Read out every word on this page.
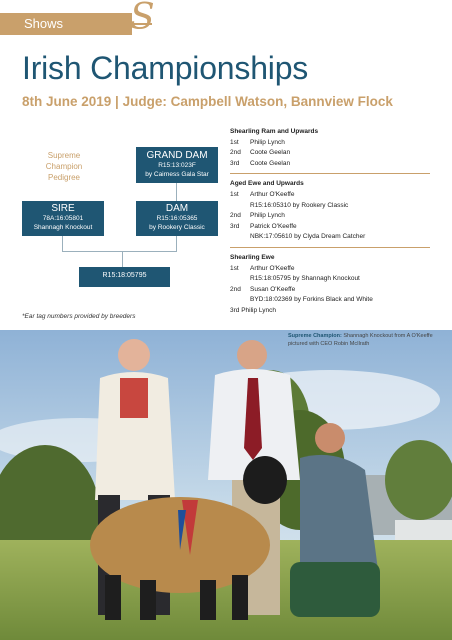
Shows	S
Irish Championships
8th June 2019 | Judge: Campbell Watson, Bannview Flock
Supreme
Champion
Pedigree
GRAND DAM
R15:13:023F
by Cairness Gala Star
SIRE
78A:16:05801
Shannagh Knockout
DAM
R15:16:05365
by Rookery Classic
R15:18:05795
*Ear tag numbers provided by breeders
Shearling Ram and Upwards
1st	Philip Lynch
2nd	Coote Geelan
3rd	Coote Geelan
Aged Ewe and Upwards
1st	Arthur O'Keeffe
R15:16:05310 by Rookery Classic
2nd	Philip Lynch
3rd	Patrick O'Keeffe
NBK:17:05610 by Clyda Dream Catcher
Shearling Ewe
1st	Arthur O'Keeffe
R15:18:05795 by Shannagh Knockout
2nd	Susan O'Keeffe
BYD:18:02369 by Forkins Black and White
3rd Philip Lynch
Supreme Champion: Shannagh Knockout from A O'Keeffe pictured with CEO Robin McIlrath
